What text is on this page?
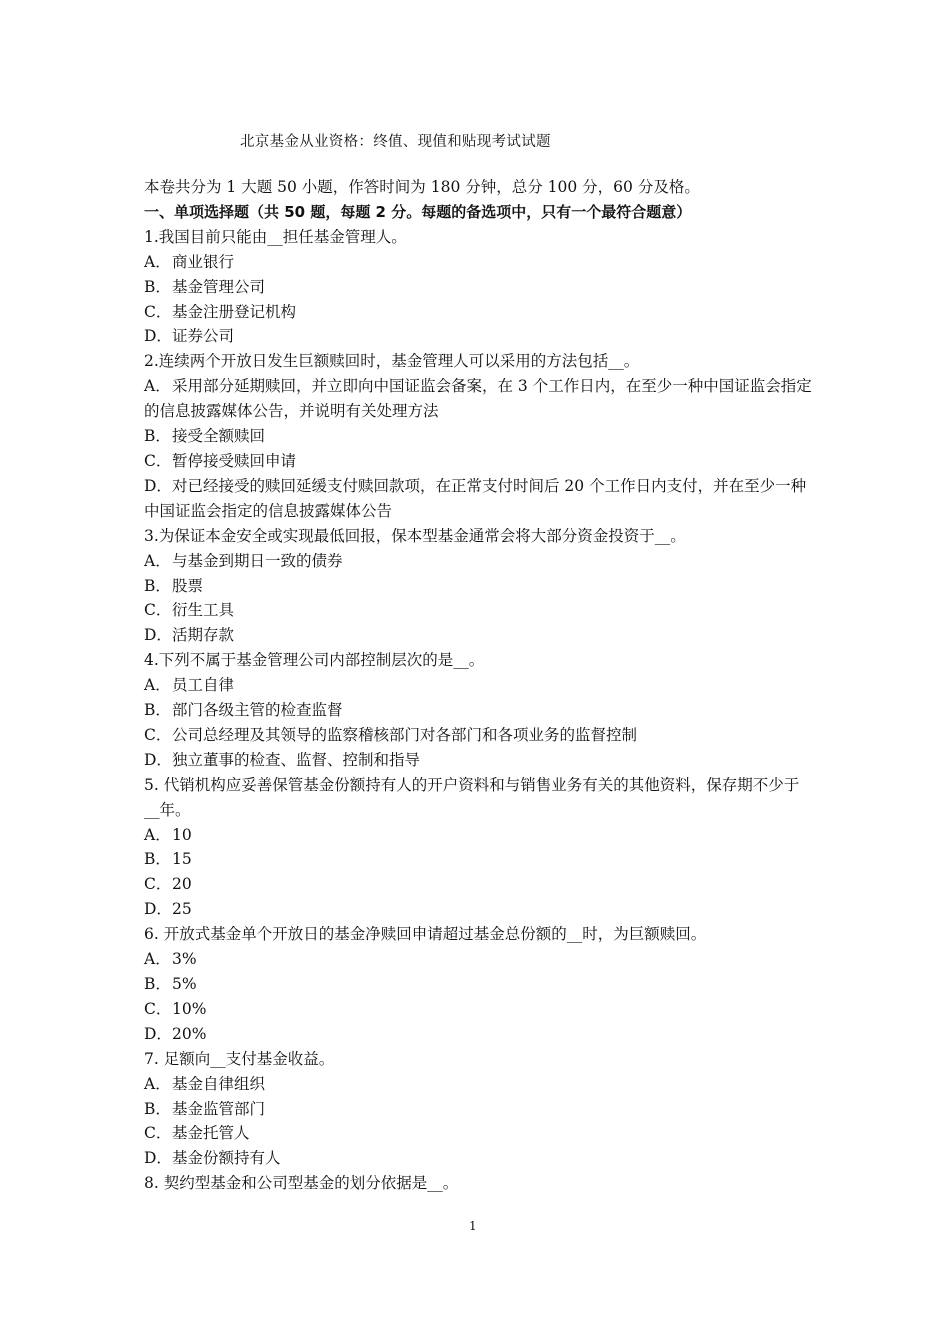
北京基金从业资格：终值、现值和贴现考试试题

本卷共分为 1 大题 50 小题，作答时间为 180 分钟，总分 100 分，60 分及格。

一、单项选择题（共 50 题，每题 2 分。每题的备选项中，只有一个最符合题意）

1.我国目前只能由__担任基金管理人。

A．商业银行

B．基金管理公司

C．基金注册登记机构

D．证券公司

2.连续两个开放日发生巨额赎回时，基金管理人可以采用的方法包括__。

A．采用部分延期赎回，并立即向中国证监会备案，在 3 个工作日内，在至少一种中国证监会指定的信息披露媒体公告，并说明有关处理方法

B．接受全额赎回

C．暂停接受赎回申请

D．对已经接受的赎回延缓支付赎回款项，在正常支付时间后 20 个工作日内支付，并在至少一种中国证监会指定的信息披露媒体公告

3.为保证本金安全或实现最低回报，保本型基金通常会将大部分资金投资于__。

A．与基金到期日一致的债券

B．股票

C．衍生工具

D．活期存款

4.下列不属于基金管理公司内部控制层次的是__。

A．员工自律

B．部门各级主管的检查监督

C．公司总经理及其领导的监察稽核部门对各部门和各项业务的监督控制

D．独立董事的检查、监督、控制和指导

5. 代销机构应妥善保管基金份额持有人的开户资料和与销售业务有关的其他资料，保存期不少于__年。

A．10

B．15

C．20

D．25

6. 开放式基金单个开放日的基金净赎回申请超过基金总份额的__时，为巨额赎回。

A．3%

B．5%

C．10%

D．20%

7. 足额向__支付基金收益。

A．基金自律组织

B．基金监管部门

C．基金托管人

D．基金份额持有人

8. 契约型基金和公司型基金的划分依据是__。

1
